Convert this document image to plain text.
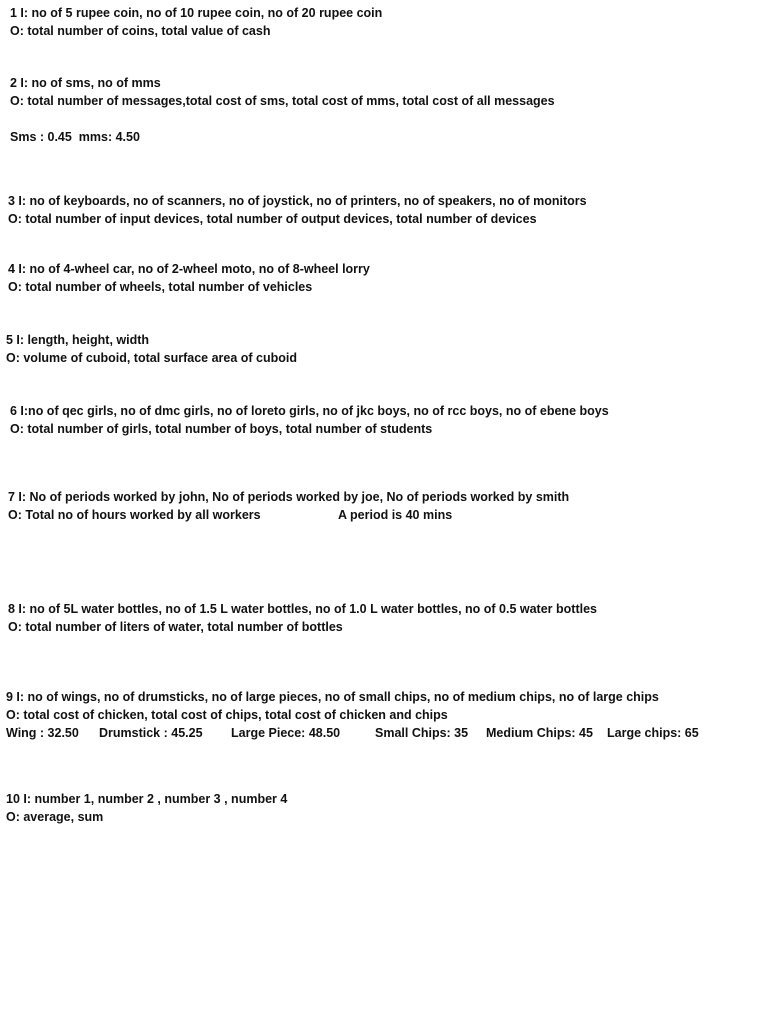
1 I: no of 5 rupee coin, no of 10 rupee coin, no of 20 rupee coin
O: total number of coins, total value of cash
2 I: no of sms, no of mms
O: total number of messages,total cost of sms, total cost of mms, total cost of all messages
Sms : 0.45  mms: 4.50
3 I: no of keyboards, no of scanners, no of joystick, no of printers, no of speakers, no of monitors
O: total number of input devices, total number of output devices, total number of devices
4 I: no of 4-wheel car, no of 2-wheel moto, no of 8-wheel lorry
O: total number of wheels, total number of vehicles
5 I: length, height, width
O: volume of cuboid, total surface area of cuboid
6 I:no of qec girls, no of dmc girls, no of loreto girls, no of jkc boys, no of rcc boys, no of ebene boys
O: total number of girls, total number of boys, total number of students
7 I: No of periods worked by john, No of periods worked by joe, No of periods worked by smith
O: Total no of hours worked by all workers	A period is 40 mins
8 I: no of 5L water bottles, no of 1.5 L water bottles, no of 1.0 L water bottles, no of 0.5 water bottles
O: total number of liters of water, total number of bottles
9 I: no of wings, no of drumsticks, no of large pieces, no of small chips, no of medium chips, no of large chips
O: total cost of chicken, total cost of chips, total cost of chicken and chips
Wing : 32.50 Drumstick : 45.25 Large Piece: 48.50	Small Chips: 35 Medium Chips: 45 Large chips: 65
10 I: number 1, number 2 , number 3 , number 4
O: average, sum
